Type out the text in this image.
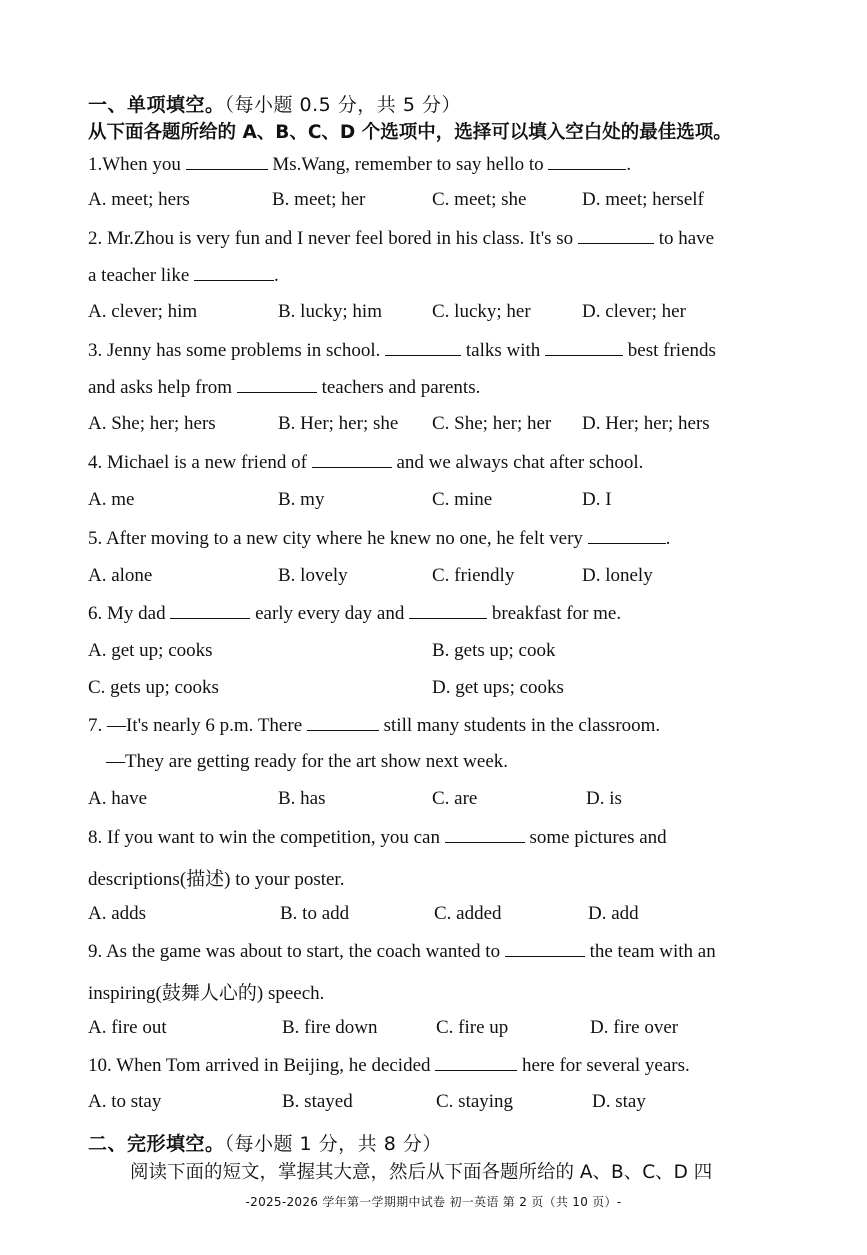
一、单项填空。（每小题 0.5 分，共 5 分）
从下面各题所给的 A、B、C、D 个选项中，选择可以填入空白处的最佳选项。
1.When you	Ms.Wang, remember to say hello to	.
A. meet; hers	B. meet; her	C. meet; she	D. meet; herself
2. Mr.Zhou is very fun and I never feel bored in his class. It's so	to have
a teacher like	.
A. clever; him	B. lucky; him	C. lucky; her	D. clever; her
3. Jenny has some problems in school.	talks with	best friends
and asks help from	teachers and parents.
A. She; her; hers	B. Her; her; she C. She; her; her D. Her; her; hers
4. Michael is a new friend of	and we always chat after school.
A. me	B. my	C. mine	D. I
5. After moving to a new city where he knew no one, he felt very	.
A. alone	B. lovely	C. friendly	D. lonely
6. My dad	early every day and	breakfast for me.
A. get up; cooks	B. gets up; cook
C. gets up; cooks	D. get ups; cooks
7. —It's nearly 6 p.m. There	still many students in the classroom.
—They are getting ready for the art show next week.
A. have	B. has	C. are	D. is
8. If you want to win the competition, you can	some pictures and
descriptions(描述) to your poster.
A. adds	B. to add	C. added	D. add
9. As the game was about to start, the coach wanted to	the team with an
inspiring(鼓舞人心的) speech.
A. fire out	B. fire down	C. fire up	D. fire over
10. When Tom arrived in Beijing, he decided	here for several years.
A. to stay	B. stayed	C. staying	D. stay
二、完形填空。（每小题 1 分，共 8 分）
阅读下面的短文，掌握其大意，然后从下面各题所给的 A、B、C、D 四
-2025-2026 学年第一学期期中试卷 初一英语 第 2 页（共 10 页）-
